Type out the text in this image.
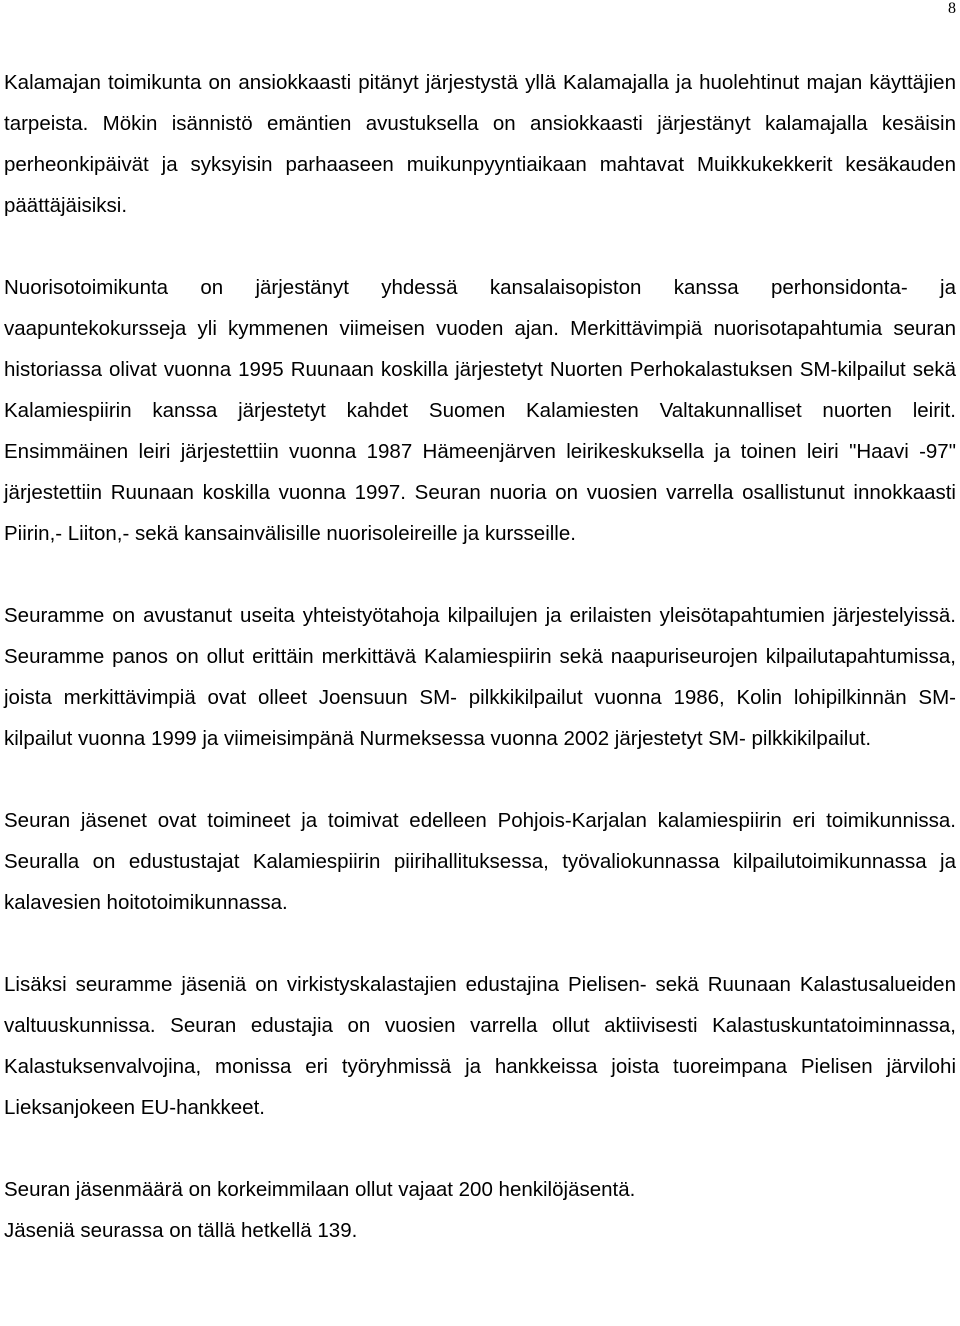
8

Kalamajan toimikunta on ansiokkaasti pitänyt järjestystä yllä Kalamajalla ja huolehtinut majan käyttäjien tarpeista. Mökin isännistö emäntien avustuksella on ansiokkaasti järjestänyt kalamajalla kesäisin perheonkipäivät ja syksyisin parhaaseen muikunpyyntiaikaan mahtavat Muikkukekkerit kesäkauden päättäjäisiksi.

Nuorisotoimikunta on järjestänyt yhdessä kansalaisopiston kanssa perhonsidonta- ja vaapuntekokursseja yli kymmenen viimeisen vuoden ajan. Merkittävimpiä nuorisotapahtumia seuran historiassa olivat vuonna 1995 Ruunaan koskilla järjestetyt Nuorten Perhokalastuksen SM-kilpailut sekä Kalamiespiirin kanssa järjestetyt kahdet Suomen Kalamiesten Valtakunnalliset nuorten leirit. Ensimmäinen leiri järjestettiin vuonna 1987 Hämeenjärven leirikeskuksella ja toinen leiri "Haavi -97" järjestettiin Ruunaan koskilla vuonna 1997. Seuran nuoria on vuosien varrella osallistunut innokkaasti Piirin,- Liiton,- sekä kansainvälisille nuorisoleireille ja kursseille.

Seuramme on avustanut useita yhteistyötahoja kilpailujen ja erilaisten yleisötapahtumien järjestelyissä. Seuramme panos on ollut erittäin merkittävä Kalamiespiirin sekä naapuriseurojen kilpailutapahtumissa, joista merkittävimpiä ovat olleet Joensuun SM- pilkkikilpailut vuonna 1986, Kolin lohipilkinnän SM- kilpailut vuonna 1999 ja viimeisimpänä Nurmeksessa vuonna 2002 järjestetyt SM- pilkkikilpailut.

Seuran jäsenet ovat toimineet ja toimivat edelleen Pohjois-Karjalan kalamiespiirin eri toimikunnissa. Seuralla on edustustajat Kalamiespiirin piirihallituksessa, työvaliokunnassa kilpailutoimikunnassa ja kalavesien hoitotoimikunnassa.

Lisäksi seuramme jäseniä on virkistyskalastajien edustajina Pielisen- sekä Ruunaan Kalastusalueiden valtuuskunnissa. Seuran edustajia on vuosien varrella ollut aktiivisesti Kalastuskuntatoiminnassa, Kalastuksenvalvojina, monissa eri työryhmissä ja hankkeissa joista tuoreimpana Pielisen järvilohi Lieksanjokeen EU-hankkeet.

Seuran jäsenmäärä on korkeimmilaan ollut vajaat 200 henkilöjäsentä.

Jäseniä seurassa on tällä hetkellä 139.
